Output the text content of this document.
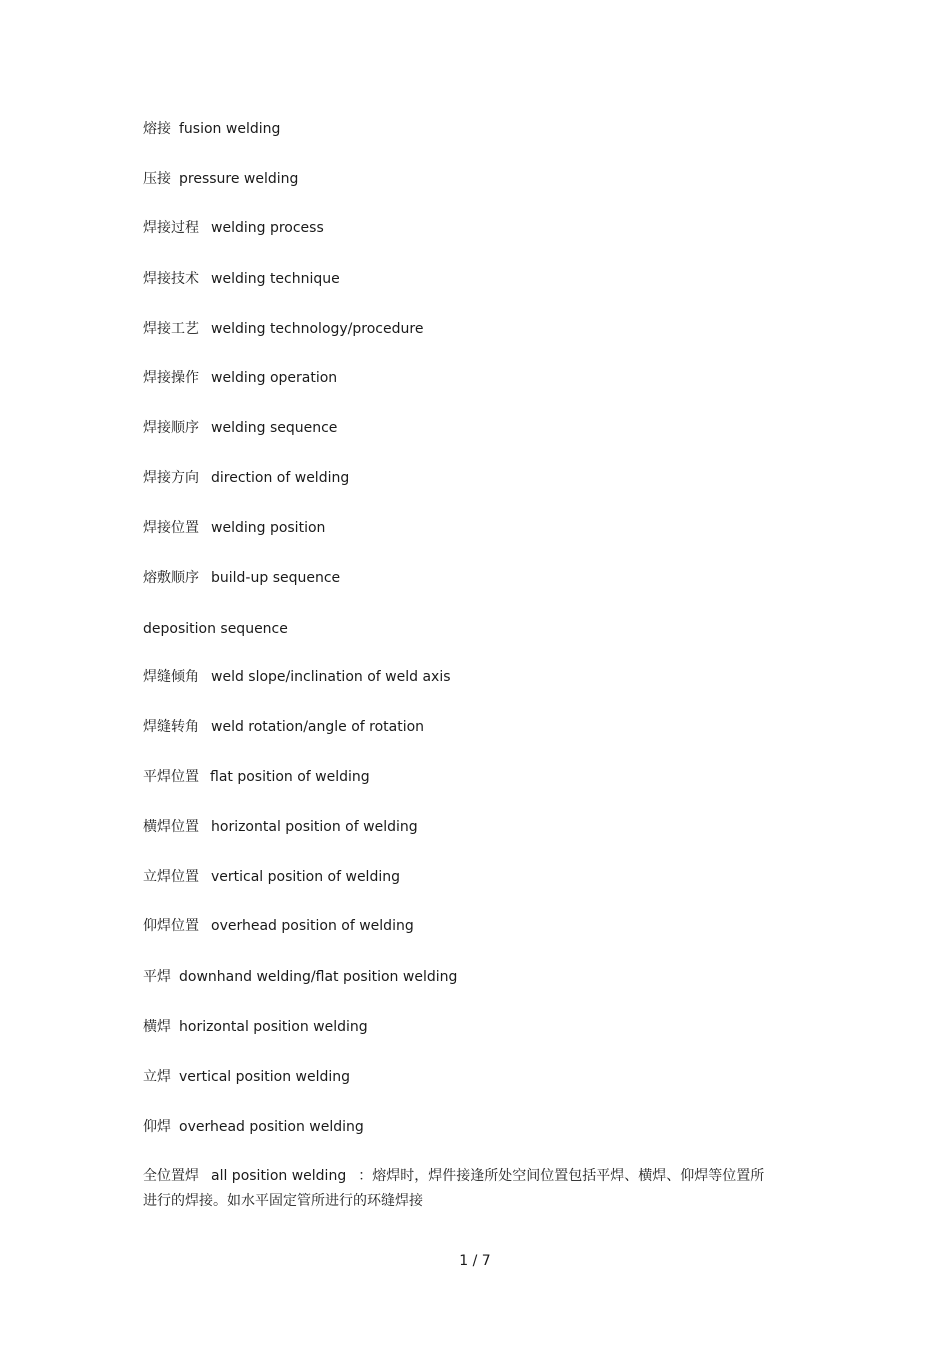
熔接 fusion welding
压接 pressure welding
焊接过程 welding process
焊接技术 welding technique
焊接工艺 welding technology/procedure
焊接操作 welding operation
焊接顺序 welding sequence
焊接方向 direction of welding
焊接位置 welding position
熔敷顺序 build-up sequence
deposition sequence
焊缝倾角 weld slope/inclination of weld axis
焊缝转角 weld rotation/angle of rotation
平焊位置 flat position of welding
横焊位置 horizontal position of welding
立焊位置 vertical position of welding
仰焊位置 overhead position of welding
平焊 downhand welding/flat position welding
横焊 horizontal position welding
立焊 vertical position welding
仰焊 overhead position welding
全位置焊 all position welding ：熔焊时，焊件接逢所处空间位置包括平焊、横焊、仰焊等位置所进行的焊接。如水平固定管所进行的环缝焊接
1 / 7
